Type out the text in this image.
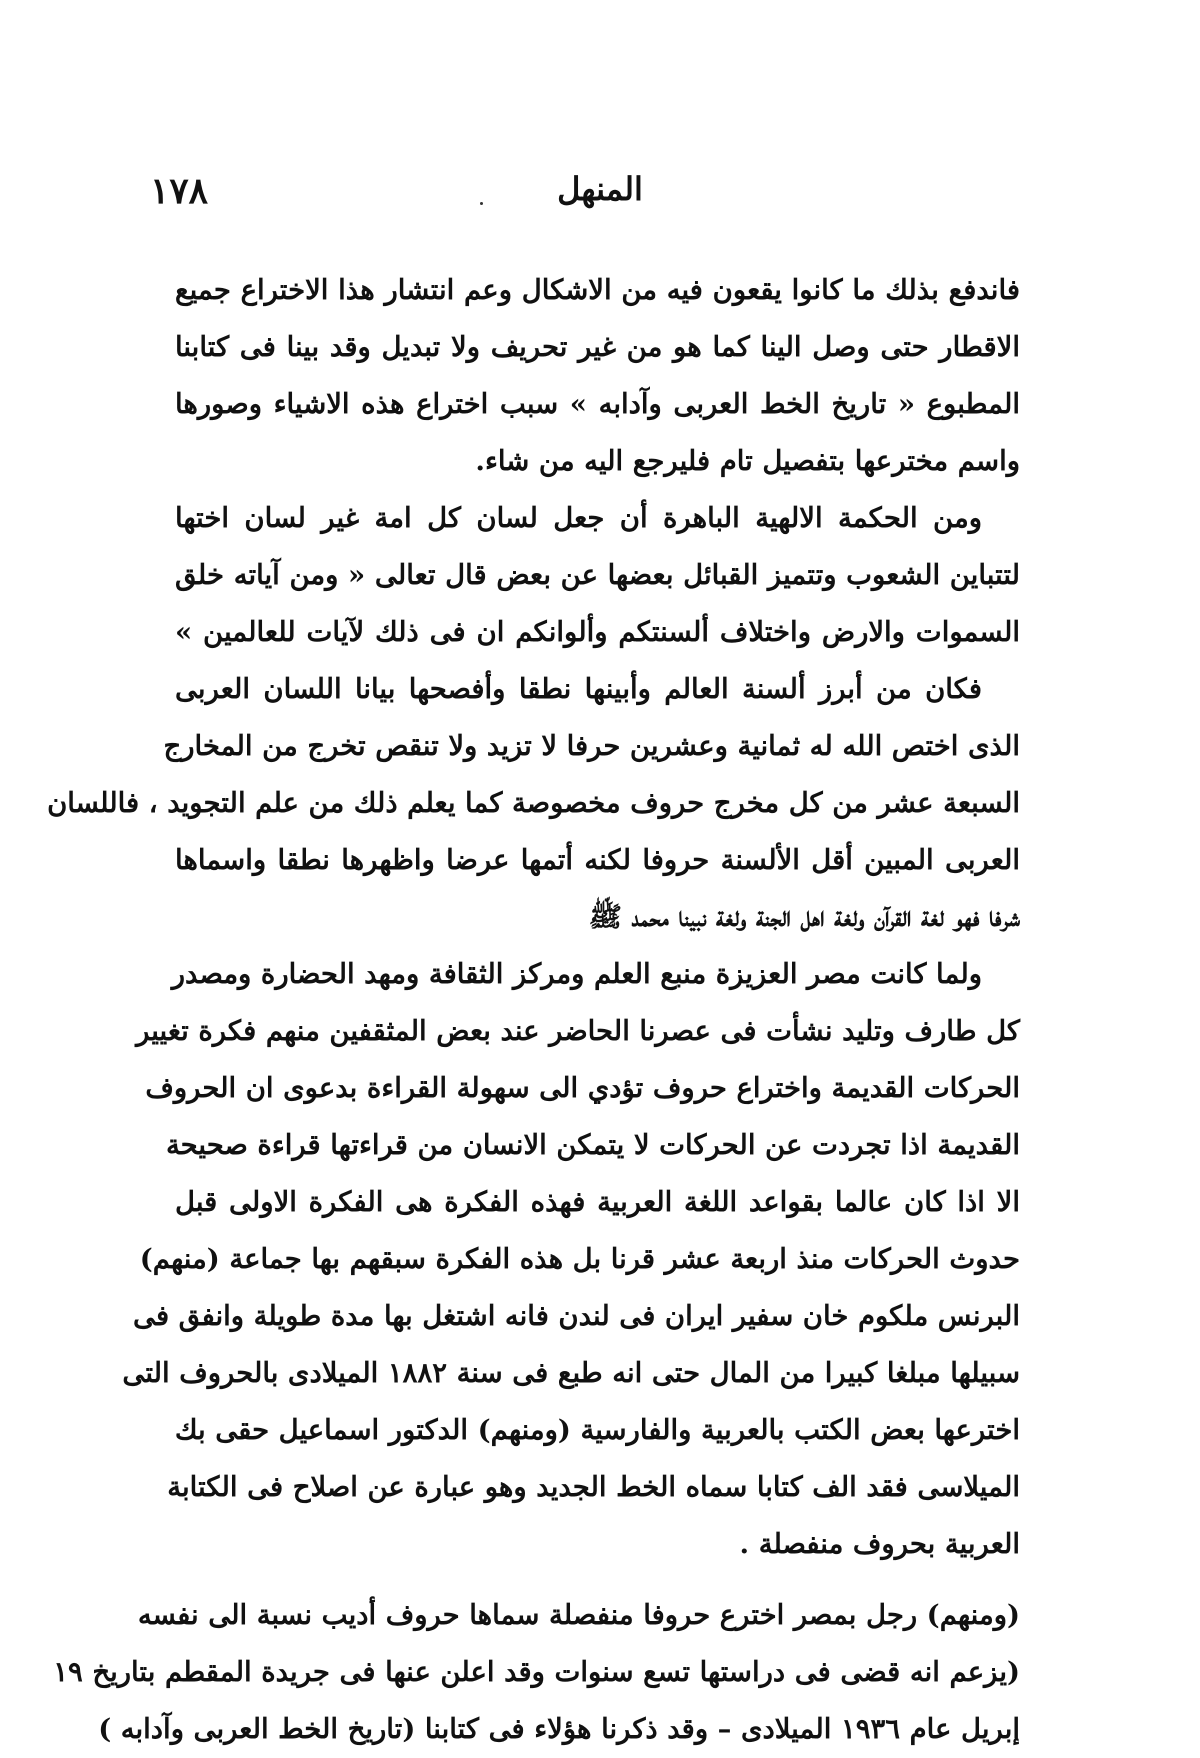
١٧٨	المنهل
فاندفع بذلك ما كانوا يقعون فيه من الاشكال وعم انتشار هذا الاختراع جميع
الاقطار حتى وصل الينا كما هو من غير تحريف ولا تبديل وقد بينا فى كتابنا
المطبوع « تاريخ الخط العربى وآدابه » سبب اختراع هذه الاشياء وصورها
واسم مخترعها بتفصيل تام فليرجع اليه من شاء.
ومن الحكمة الالهية الباهرة أن جعل لسان كل امة غير لسان اختها
لتتباين الشعوب وتتميز القبائل بعضها عن بعض قال تعالى « ومن آياته خلق
السموات والارض واختلاف ألسنتكم وألوانكم ان فى ذلك لآيات للعالمين »
فكان من أبرز ألسنة العالم وأبينها نطقا وأفصحها بيانا اللسان العربى
الذى اختص الله له ثمانية وعشرين حرفا لا تزيد ولا تنقص تخرج من المخارج
السبعة عشر من كل مخرج حروف مخصوصة كما يعلم ذلك من علم التجويد ، فاللسان
العربى المبين أقل الألسنة حروفا لكنه أتمها عرضا واظهرها نطقا واسماها
شرفا فهو لغة القرآن ولغة اهل الجنة ولغة نبينا محمد ﷺ
ولما كانت مصر العزيزة منبع العلم ومركز الثقافة ومهد الحضارة ومصدر
كل طارف وتليد نشأت فى عصرنا الحاضر عند بعض المثقفين منهم فكرة تغيير
الحركات القديمة واختراع حروف تؤدي الى سهولة القراءة بدعوى ان الحروف
القديمة اذا تجردت عن الحركات لا يتمكن الانسان من قراءتها قراءة صحيحة
الا اذا كان عالما بقواعد اللغة العربية فهذه الفكرة هى الفكرة الاولى قبل
حدوث الحركات منذ اربعة عشر قرنا بل هذه الفكرة سبقهم بها جماعة (منهم)
البرنس ملكوم خان سفير ايران فى لندن فانه اشتغل بها مدة طويلة وانفق فى
سبيلها مبلغا كبيرا من المال حتى انه طبع فى سنة ١٨٨٢ الميلادى بالحروف التى
اخترعها بعض الكتب بالعربية والفارسية (ومنهم) الدكتور اسماعيل حقى بك
الميلاسى فقد الف كتابا سماه الخط الجديد وهو عبارة عن اصلاح فى الكتابة
العربية بحروف منفصلة .
(ومنهم) رجل بمصر اخترع حروفا منفصلة سماها حروف أديب نسبة الى نفسه
(يزعم انه قضى فى دراستها تسع سنوات وقد اعلن عنها فى جريدة المقطم بتاريخ ١٩
إبريل عام ١٩٣٦ الميلادى – وقد ذكرنا هؤلاء فى كتابنا (تاريخ الخط العربى وآدابه )
